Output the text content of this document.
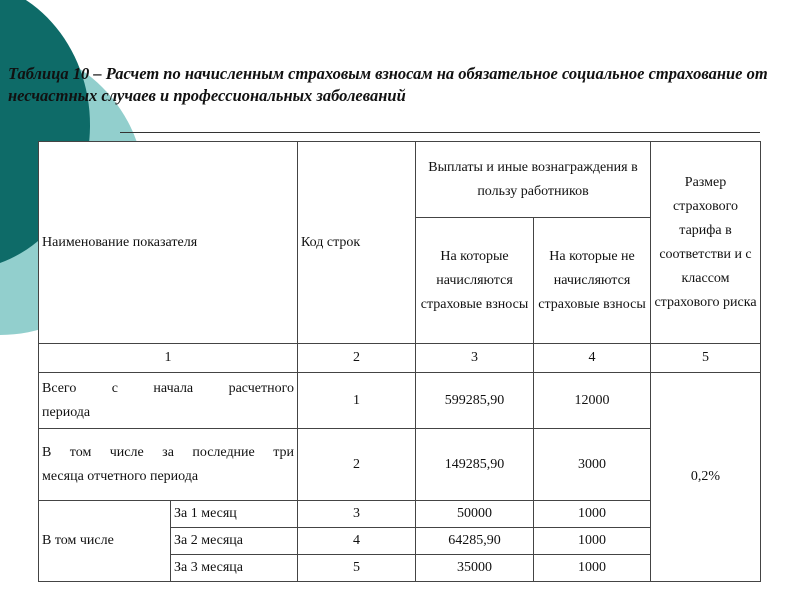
Таблица 10 – Расчет по начисленным страховым взносам на обязательное социальное страхование от несчастных случаев и профессиональных заболеваний

Наименование показателя		Код строк	Выплаты и иные вознаграждения в пользу работников		Размер страхового тарифа в соответстви и с классом страхового риска
			На которые начисляются страховые взносы	На которые не начисляются страховые взносы	
1		2	3	4	5

Всего с начала расчетного
периода		1	599285,90	12000	0,2%

В том числе за последние три
месяца отчетного периода		2	149285,90	3000	
В том числе	За 1 месяц	3	50000	1000	
	За 2 месяца	4	64285,90	1000	
	За 3 месяца	5	35000	1000	
